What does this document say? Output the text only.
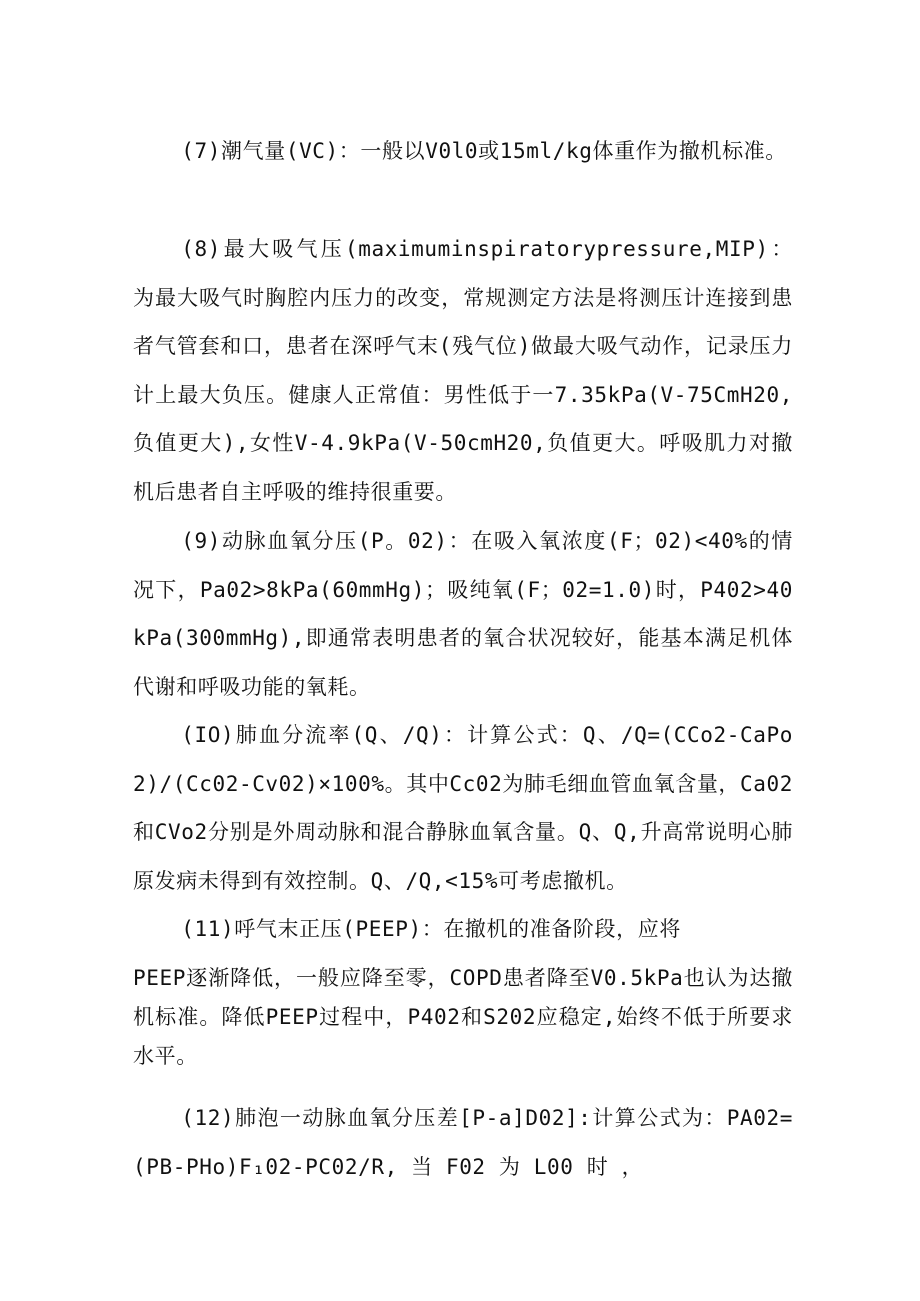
(7)潮气量(VC)：一般以V0l0或15ml/kg体重作为撤机标准。

(8)最大吸气压(maximuminspiratorypressure,MIP)：为最大吸气时胸腔内压力的改变，常规测定方法是将测压计连接到患者气管套和口，患者在深呼气末(残气位)做最大吸气动作，记录压力计上最大负压。健康人正常值：男性低于一7.35kPa(V-75CmH20,负值更大),女性V-4.9kPa(V-50cmH20,负值更大。呼吸肌力对撤机后患者自主呼吸的维持很重要。

(9)动脉血氧分压(P。02)：在吸入氧浓度(F；02)<40%的情况下，Pa02>8kPa(60mmHg)；吸纯氧(F；02=1.0)时，P402>40kPa(300mmHg),即通常表明患者的氧合状况较好，能基本满足机体代谢和呼吸功能的氧耗。

(IO)肺血分流率(Q、/Q)：计算公式：Q、/Q=(CCo2-CaPo2)/(Cc02-Cv02)×100%。其中Cc02为肺毛细血管血氧含量，Ca02和CVo2分别是外周动脉和混合静脉血氧含量。Q、Q,升高常说明心肺原发病未得到有效控制。Q、/Q,<15%可考虑撤机。

(11)呼气末正压(PEEP)：在撤机的准备阶段，应将

PEEP逐渐降低，一般应降至零，COPD患者降至V0.5kPa也认为达撤机标准。降低PEEP过程中，P402和S202应稳定,始终不低于所要求水平。

(12)肺泡一动脉血氧分压差[P-a]D02]:计算公式为：PA02=(PB-PHo)F₁02-PC02/R, 当 F02 为 L00 时 ，
